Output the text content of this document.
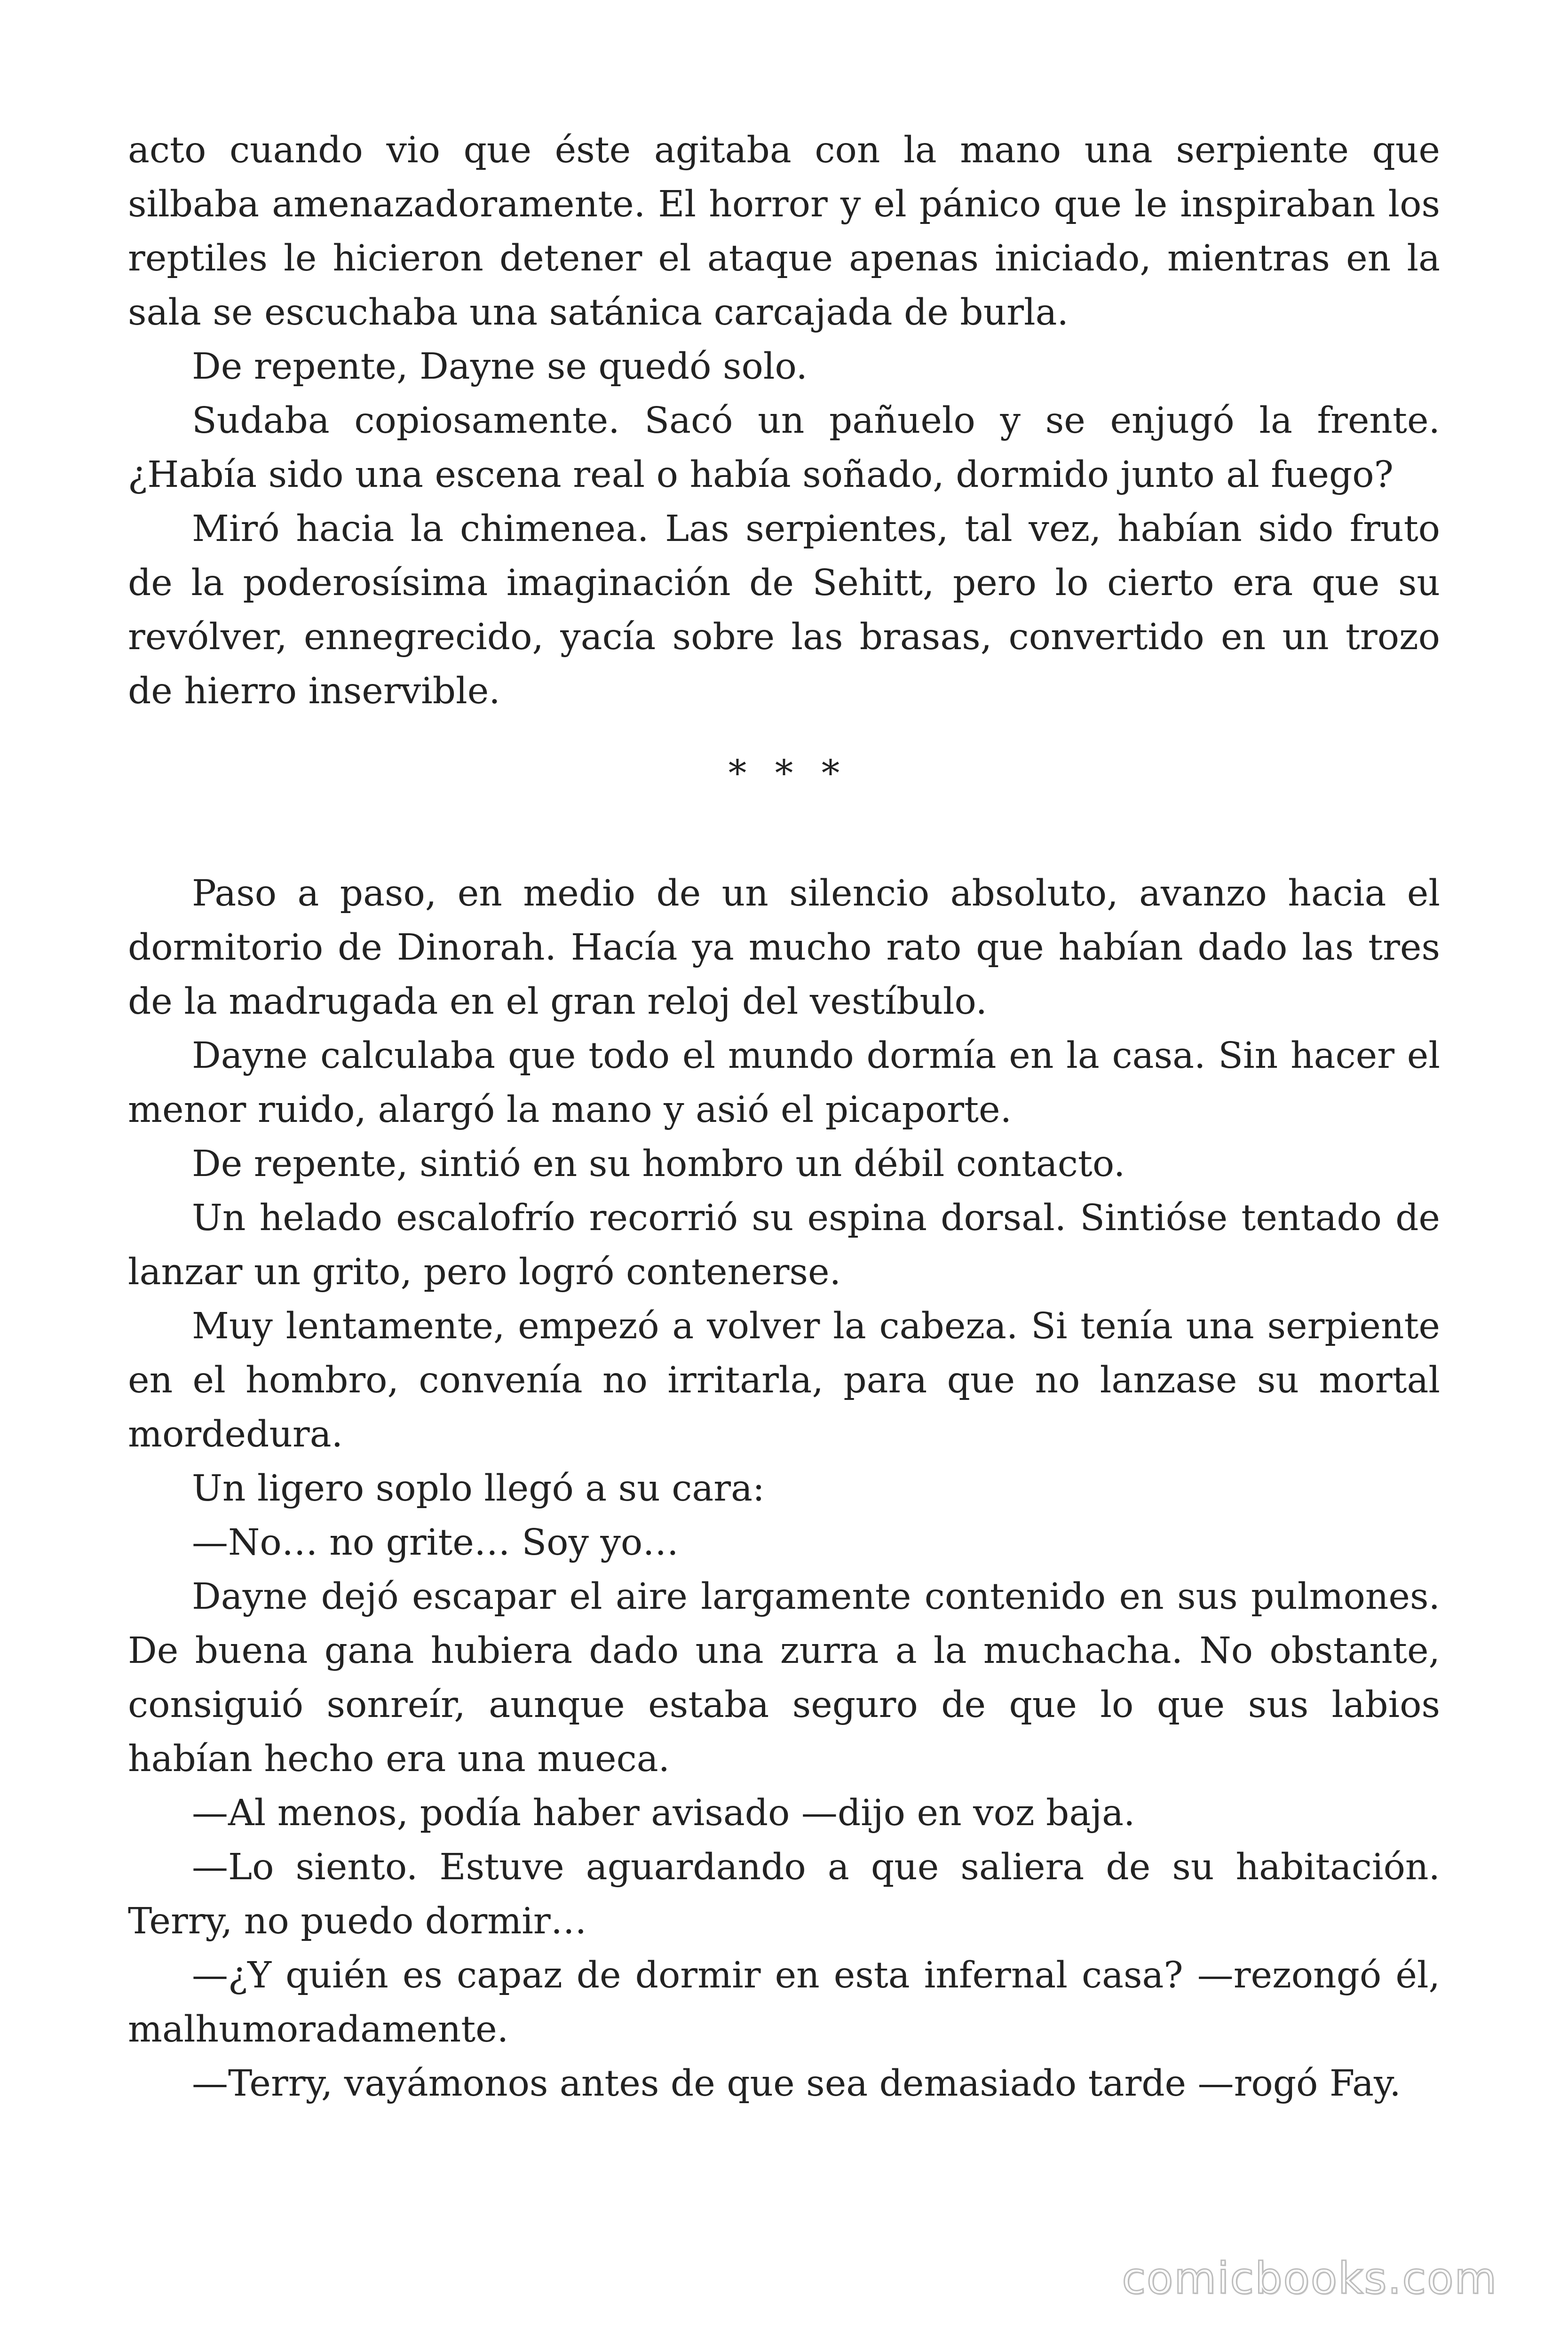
acto cuando vio que éste agitaba con la mano una serpiente que silbaba amenazadoramente. El horror y el pánico que le inspiraban los reptiles le hicieron detener el ataque apenas iniciado, mientras en la sala se escuchaba una satánica carcajada de burla.

De repente, Dayne se quedó solo.

Sudaba copiosamente. Sacó un pañuelo y se enjugó la frente. ¿Había sido una escena real o había soñado, dormido junto al fuego?

Miró hacia la chimenea. Las serpientes, tal vez, habían sido fruto de la poderosísima imaginación de Sehitt, pero lo cierto era que su revólver, ennegrecido, yacía sobre las brasas, convertido en un trozo de hierro inservible.

* * *

Paso a paso, en medio de un silencio absoluto, avanzo hacia el dormitorio de Dinorah. Hacía ya mucho rato que habían dado las tres de la madrugada en el gran reloj del vestíbulo.

Dayne calculaba que todo el mundo dormía en la casa. Sin hacer el menor ruido, alargó la mano y asió el picaporte.

De repente, sintió en su hombro un débil contacto.

Un helado escalofrío recorrió su espina dorsal. Sintióse tentado de lanzar un grito, pero logró contenerse.

Muy lentamente, empezó a volver la cabeza. Si tenía una serpiente en el hombro, convenía no irritarla, para que no lanzase su mortal mordedura.

Un ligero soplo llegó a su cara:

—No… no grite… Soy yo…

Dayne dejó escapar el aire largamente contenido en sus pulmones. De buena gana hubiera dado una zurra a la muchacha. No obstante, consiguió sonreír, aunque estaba seguro de que lo que sus labios habían hecho era una mueca.

—Al menos, podía haber avisado —dijo en voz baja.

—Lo siento. Estuve aguardando a que saliera de su habitación. Terry, no puedo dormir…

—¿Y quién es capaz de dormir en esta infernal casa? —rezongó él, malhumoradamente.

—Terry, vayámonos antes de que sea demasiado tarde —rogó Fay.

comicbooks.com
